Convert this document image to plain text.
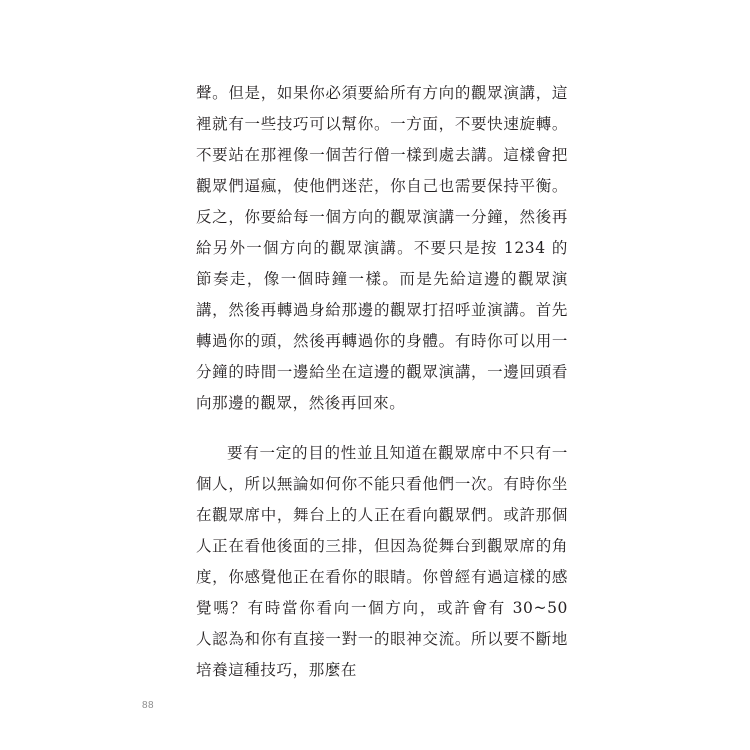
聲。但是，如果你必須要給所有方向的觀眾演講，這裡就有一些技巧可以幫你。一方面，不要快速旋轉。不要站在那裡像一個苦行僧一樣到處去講。這樣會把觀眾們逼瘋，使他們迷茫，你自己也需要保持平衡。反之，你要給每一個方向的觀眾演講一分鐘，然後再給另外一個方向的觀眾演講。不要只是按 1234 的節奏走，像一個時鐘一樣。而是先給這邊的觀眾演講，然後再轉過身給那邊的觀眾打招呼並演講。首先轉過你的頭，然後再轉過你的身體。有時你可以用一分鐘的時間一邊給坐在這邊的觀眾演講，一邊回頭看向那邊的觀眾，然後再回來。

要有一定的目的性並且知道在觀眾席中不只有一個人，所以無論如何你不能只看他們一次。有時你坐在觀眾席中，舞台上的人正在看向觀眾們。或許那個人正在看他後面的三排，但因為從舞台到觀眾席的角度，你感覺他正在看你的眼睛。你曾經有過這樣的感覺嗎？有時當你看向一個方向，或許會有 30~50 人認為和你有直接一對一的眼神交流。所以要不斷地培養這種技巧，那麼在

88
